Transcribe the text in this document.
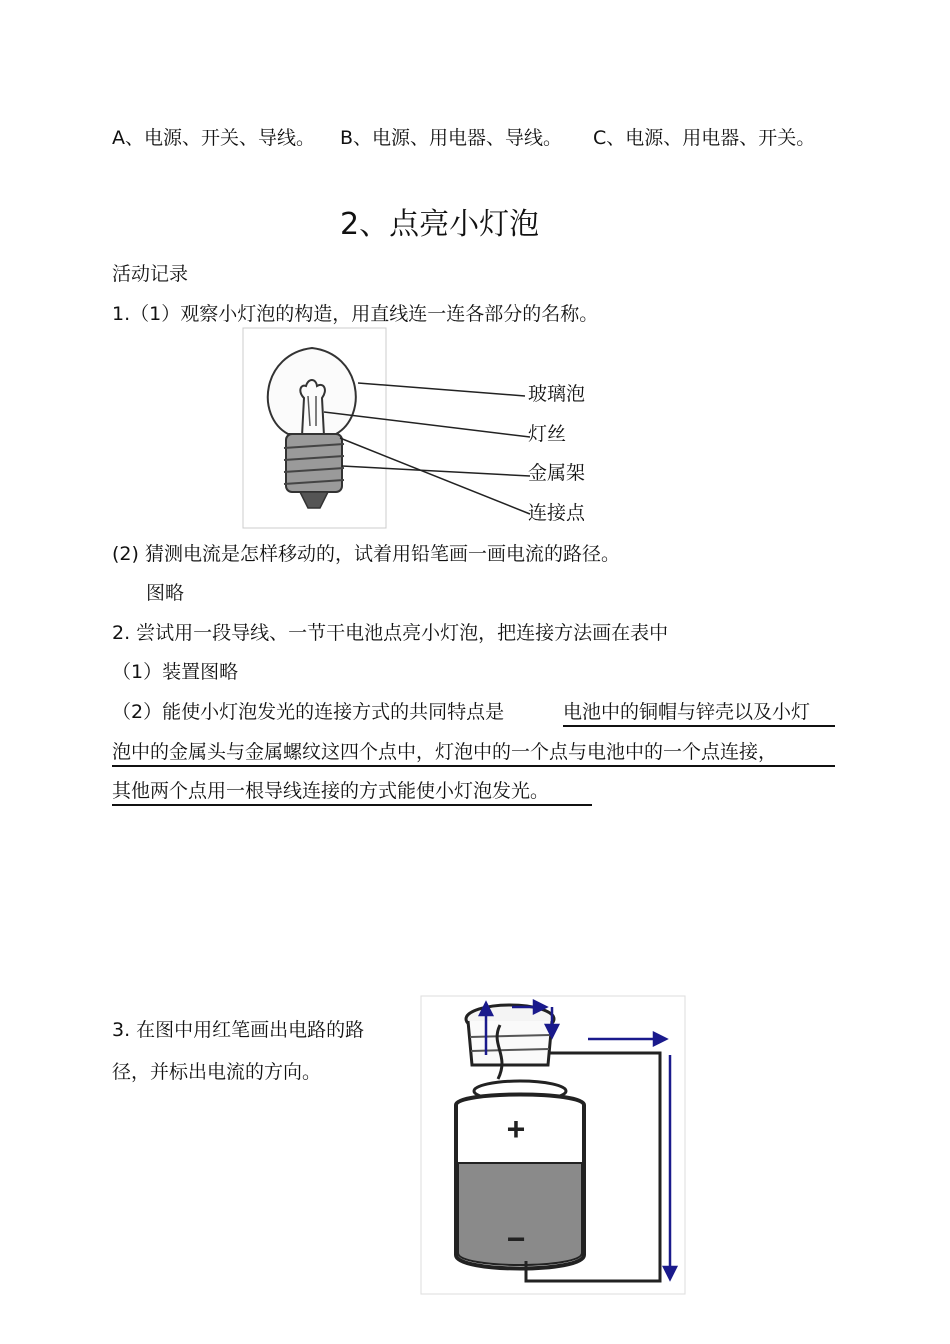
A、电源、开关、导线。 B、电源、用电器、导线。 C、电源、用电器、开关。
2、点亮小灯泡
活动记录
1.（1）观察小灯泡的构造，用直线连一连各部分的名称。
玻璃泡
灯丝
金属架
连接点
(2) 猜测电流是怎样移动的，试着用铅笔画一画电流的路径。
图略
2. 尝试用一段导线、一节干电池点亮小灯泡，把连接方法画在表中
（1）装置图略
（2）能使小灯泡发光的连接方式的共同特点是	电池中的铜帽与锌壳以及小灯
泡中的金属头与金属螺纹这四个点中，灯泡中的一个点与电池中的一个点连接，
其他两个点用一根导线连接的方式能使小灯泡发光。
3. 在图中用红笔画出电路的路
径，并标出电流的方向。
+
−
